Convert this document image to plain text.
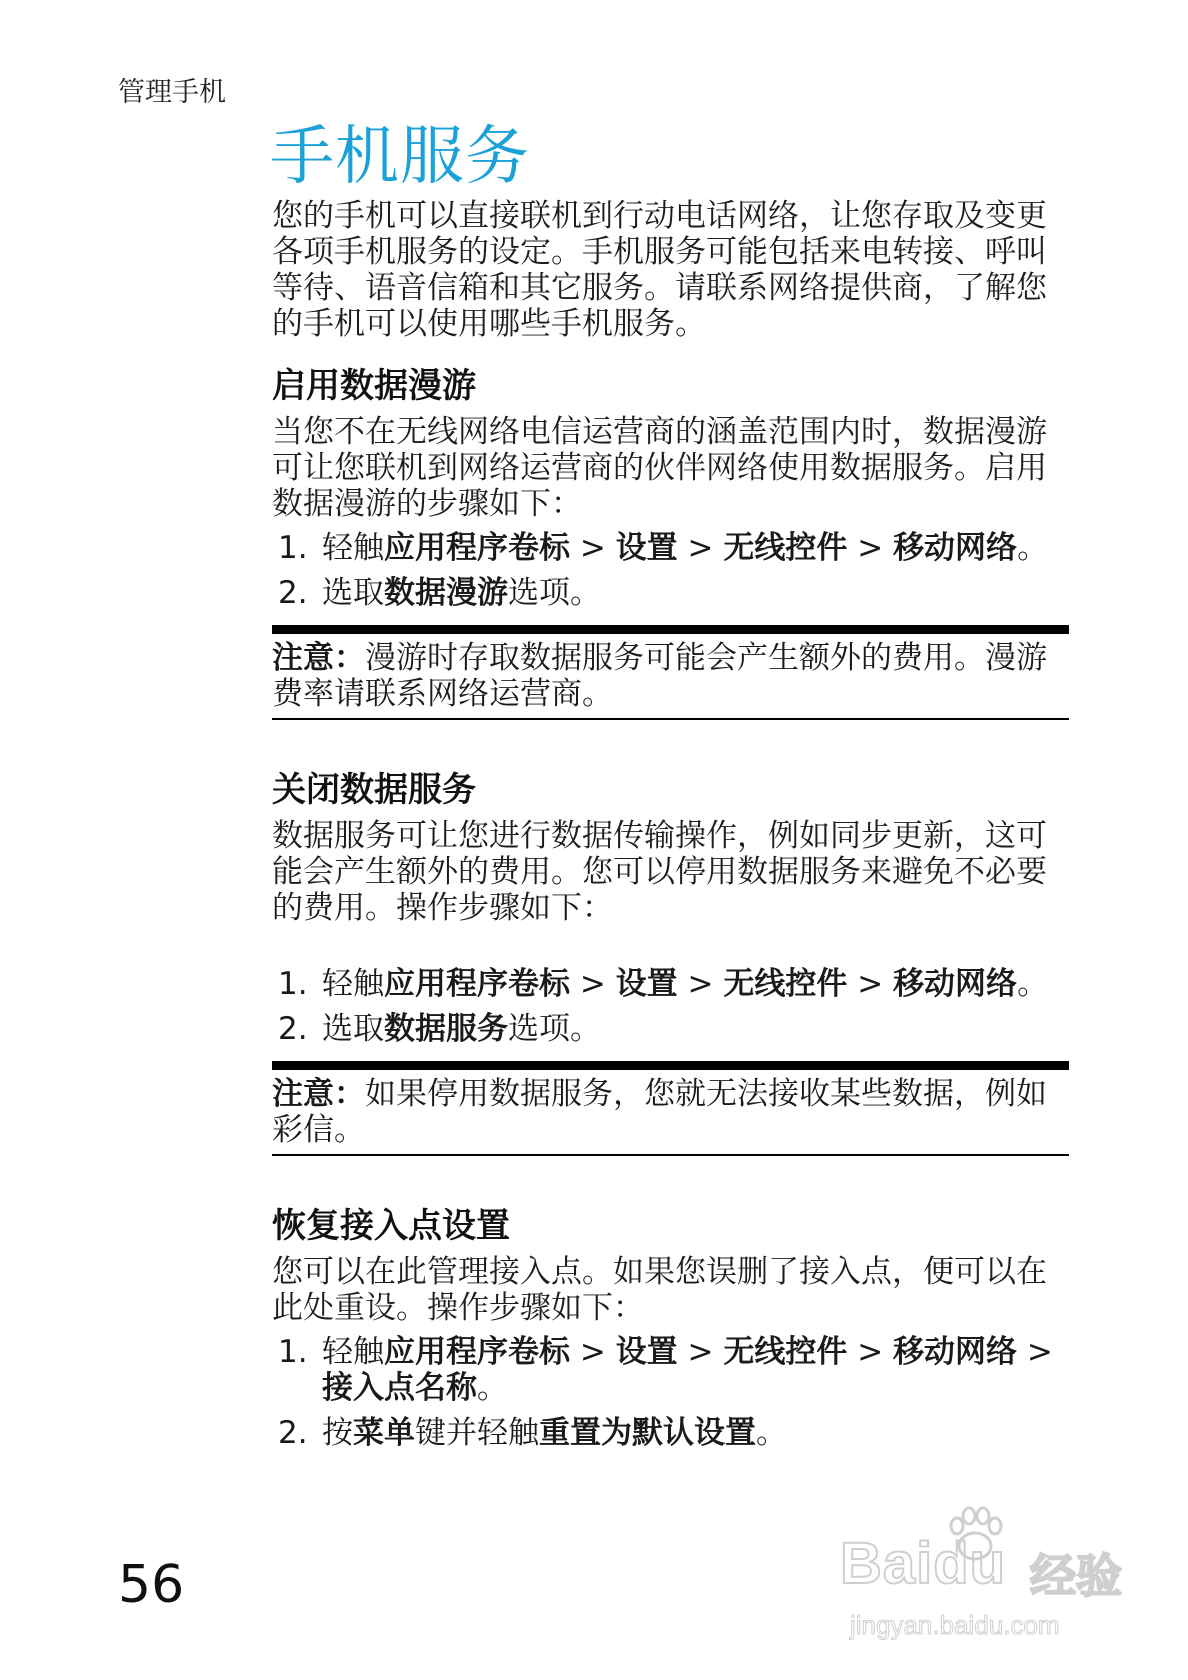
管理手机
手机服务

您的手机可以直接联机到行动电话网络，让您存取及变更各项手机服务的设定。手机服务可能包括来电转接、呼叫等待、语音信箱和其它服务。请联系网络提供商，了解您的手机可以使用哪些手机服务。

启用数据漫游

当您不在无线网络电信运营商的涵盖范围内时，数据漫游可让您联机到网络运营商的伙伴网络使用数据服务。启用数据漫游的步骤如下：

1. 轻触应用程序卷标 > 设置 > 无线控件 > 移动网络。
2. 选取数据漫游选项。
注意：漫游时存取数据服务可能会产生额外的费用。漫游费率请联系网络运营商。
关闭数据服务

数据服务可让您进行数据传输操作，例如同步更新，这可能会产生额外的费用。您可以停用数据服务来避免不必要的费用。操作步骤如下：

1. 轻触应用程序卷标 > 设置 > 无线控件 > 移动网络。
2. 选取数据服务选项。
注意：如果停用数据服务，您就无法接收某些数据，例如彩信。
恢复接入点设置

您可以在此管理接入点。如果您误删了接入点，便可以在此处重设。操作步骤如下：

1. 轻触应用程序卷标 > 设置 > 无线控件 > 移动网络 > 接入点名称。
2. 按菜单键并轻触重置为默认设置。
56	Baidu 经验
jingyan.baidu.com
